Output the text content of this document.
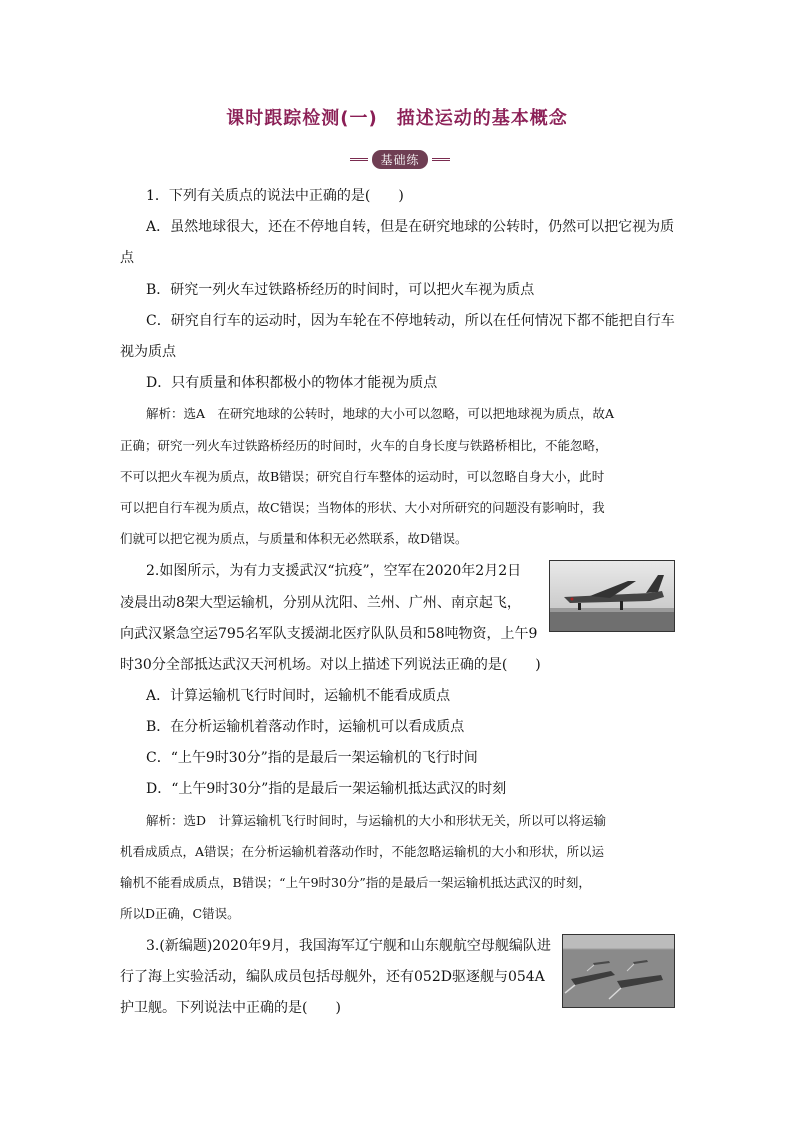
课时跟踪检测(一)　描述运动的基本概念
基础练
1．下列有关质点的说法中正确的是(　　)
A．虽然地球很大，还在不停地自转，但是在研究地球的公转时，仍然可以把它视为质
点
B．研究一列火车过铁路桥经历的时间时，可以把火车视为质点
C．研究自行车的运动时，因为车轮在不停地转动，所以在任何情况下都不能把自行车
视为质点
D．只有质量和体积都极小的物体才能视为质点
解析：选A　在研究地球的公转时，地球的大小可以忽略，可以把地球视为质点，故A
正确；研究一列火车过铁路桥经历的时间时，火车的自身长度与铁路桥相比，不能忽略，
不可以把火车视为质点，故B错误；研究自行车整体的运动时，可以忽略自身大小，此时
可以把自行车视为质点，故C错误；当物体的形状、大小对所研究的问题没有影响时，我
们就可以把它视为质点，与质量和体积无必然联系，故D错误。
2.如图所示，为有力支援武汉“抗疫”，空军在2020年2月2日
凌晨出动8架大型运输机，分别从沈阳、兰州、广州、南京起飞，
向武汉紧急空运795名军队支援湖北医疗队队员和58吨物资，上午9
时30分全部抵达武汉天河机场。对以上描述下列说法正确的是(　　)
A．计算运输机飞行时间时，运输机不能看成质点
B．在分析运输机着落动作时，运输机可以看成质点
C．“上午9时30分”指的是最后一架运输机的飞行时间
D．“上午9时30分”指的是最后一架运输机抵达武汉的时刻
解析：选D　计算运输机飞行时间时，与运输机的大小和形状无关，所以可以将运输
机看成质点，A错误；在分析运输机着落动作时，不能忽略运输机的大小和形状，所以运
输机不能看成质点，B错误；“上午9时30分”指的是最后一架运输机抵达武汉的时刻，
所以D正确，C错误。
3.(新编题)2020年9月，我国海军辽宁舰和山东舰航空母舰编队进
行了海上实验活动，编队成员包括母舰外，还有052D驱逐舰与054A
护卫舰。下列说法中正确的是(　　)
